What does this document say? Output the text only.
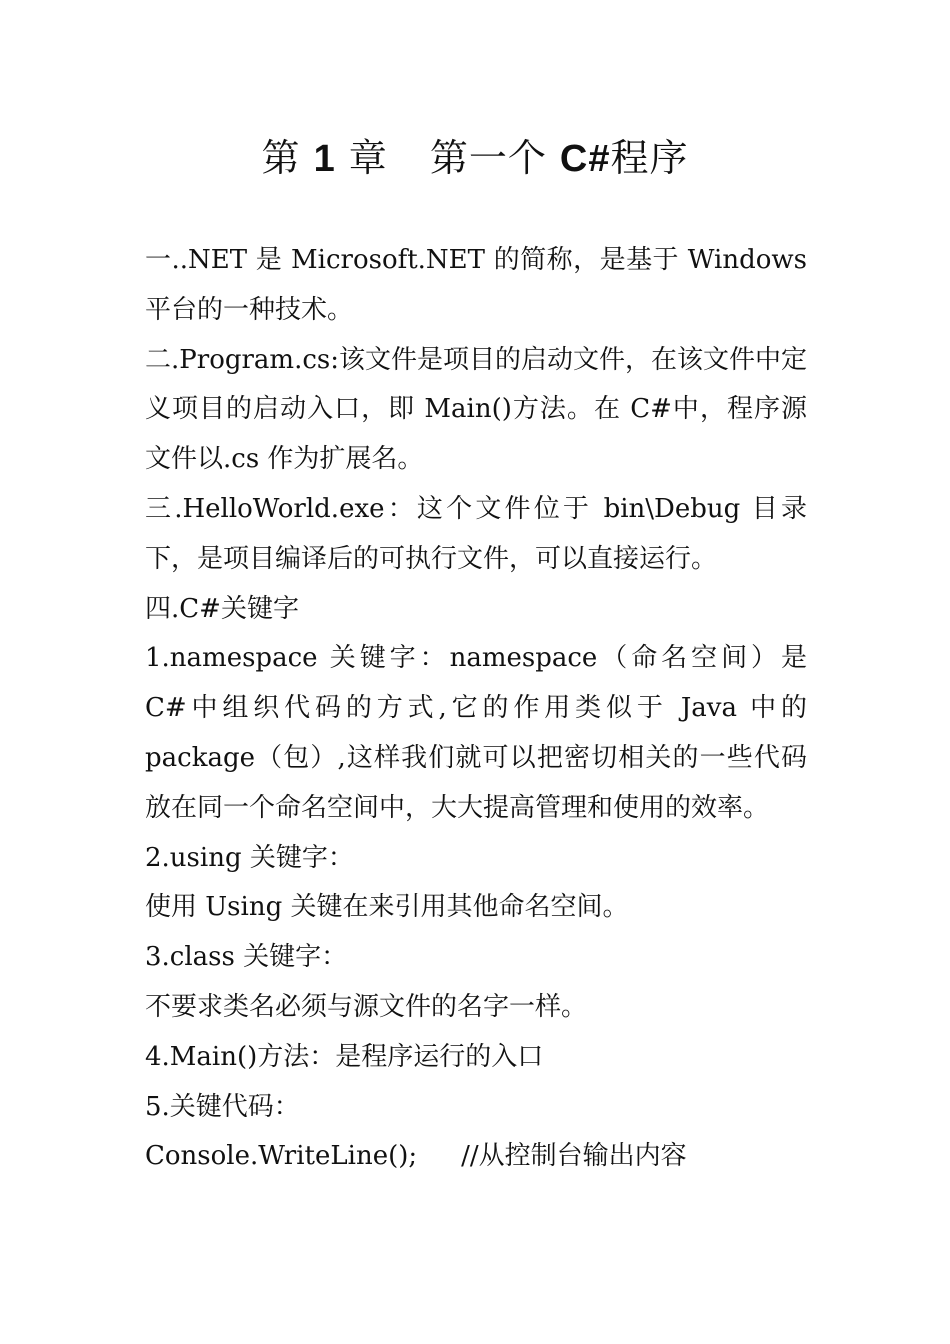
第 1 章 第一个 C#程序

一..NET 是 Microsoft.NET 的简称，是基于 Windows 平台的一种技术。

二.Program.cs:该文件是项目的启动文件，在该文件中定义项目的启动入口，即 Main()方法。在 C#中，程序源文件以.cs 作为扩展名。

三.HelloWorld.exe：这个文件位于 bin\Debug 目录下，是项目编译后的可执行文件，可以直接运行。

四.C#关键字

1.namespace 关键字：namespace（命名空间）是 C#中组织代码的方式,它的作用类似于 Java 中的 package（包）,这样我们就可以把密切相关的一些代码放在同一个命名空间中，大大提高管理和使用的效率。

2.using 关键字：

使用 Using 关键在来引用其他命名空间。

3.class 关键字：

不要求类名必须与源文件的名字一样。

4.Main()方法：是程序运行的入口

5.关键代码：

Console.WriteLine(); //从控制台输出内容
